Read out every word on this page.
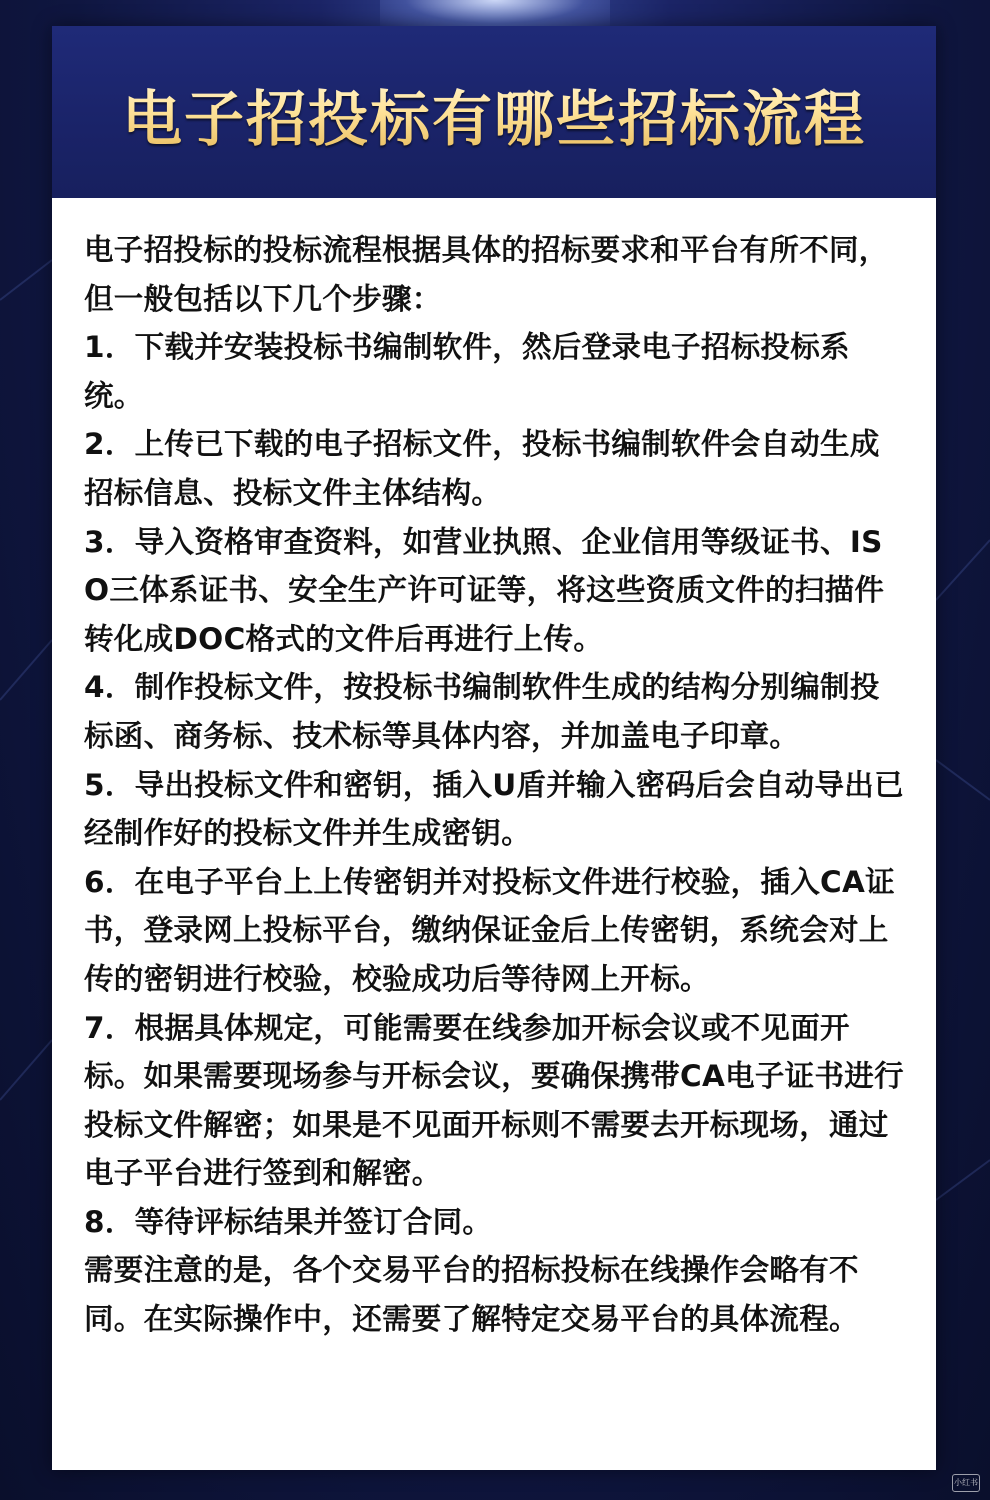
电子招投标有哪些招标流程

电子招投标的投标流程根据具体的招标要求和平台有所不同，但一般包括以下几个步骤：

1．下载并安装投标书编制软件，然后登录电子招标投标系统。

2．上传已下载的电子招标文件，投标书编制软件会自动生成招标信息、投标文件主体结构。

3．导入资格审查资料，如营业执照、企业信用等级证书、ISO三体系证书、安全生产许可证等，将这些资质文件的扫描件转化成DOC格式的文件后再进行上传。

4．制作投标文件，按投标书编制软件生成的结构分别编制投标函、商务标、技术标等具体内容，并加盖电子印章。

5．导出投标文件和密钥，插入U盾并输入密码后会自动导出已经制作好的投标文件并生成密钥。

6．在电子平台上上传密钥并对投标文件进行校验，插入CA证书，登录网上投标平台，缴纳保证金后上传密钥，系统会对上传的密钥进行校验，校验成功后等待网上开标。

7．根据具体规定，可能需要在线参加开标会议或不见面开标。如果需要现场参与开标会议，要确保携带CA电子证书进行投标文件解密；如果是不见面开标则不需要去开标现场，通过电子平台进行签到和解密。

8．等待评标结果并签订合同。

需要注意的是，各个交易平台的招标投标在线操作会略有不同。在实际操作中，还需要了解特定交易平台的具体流程。

小红书
